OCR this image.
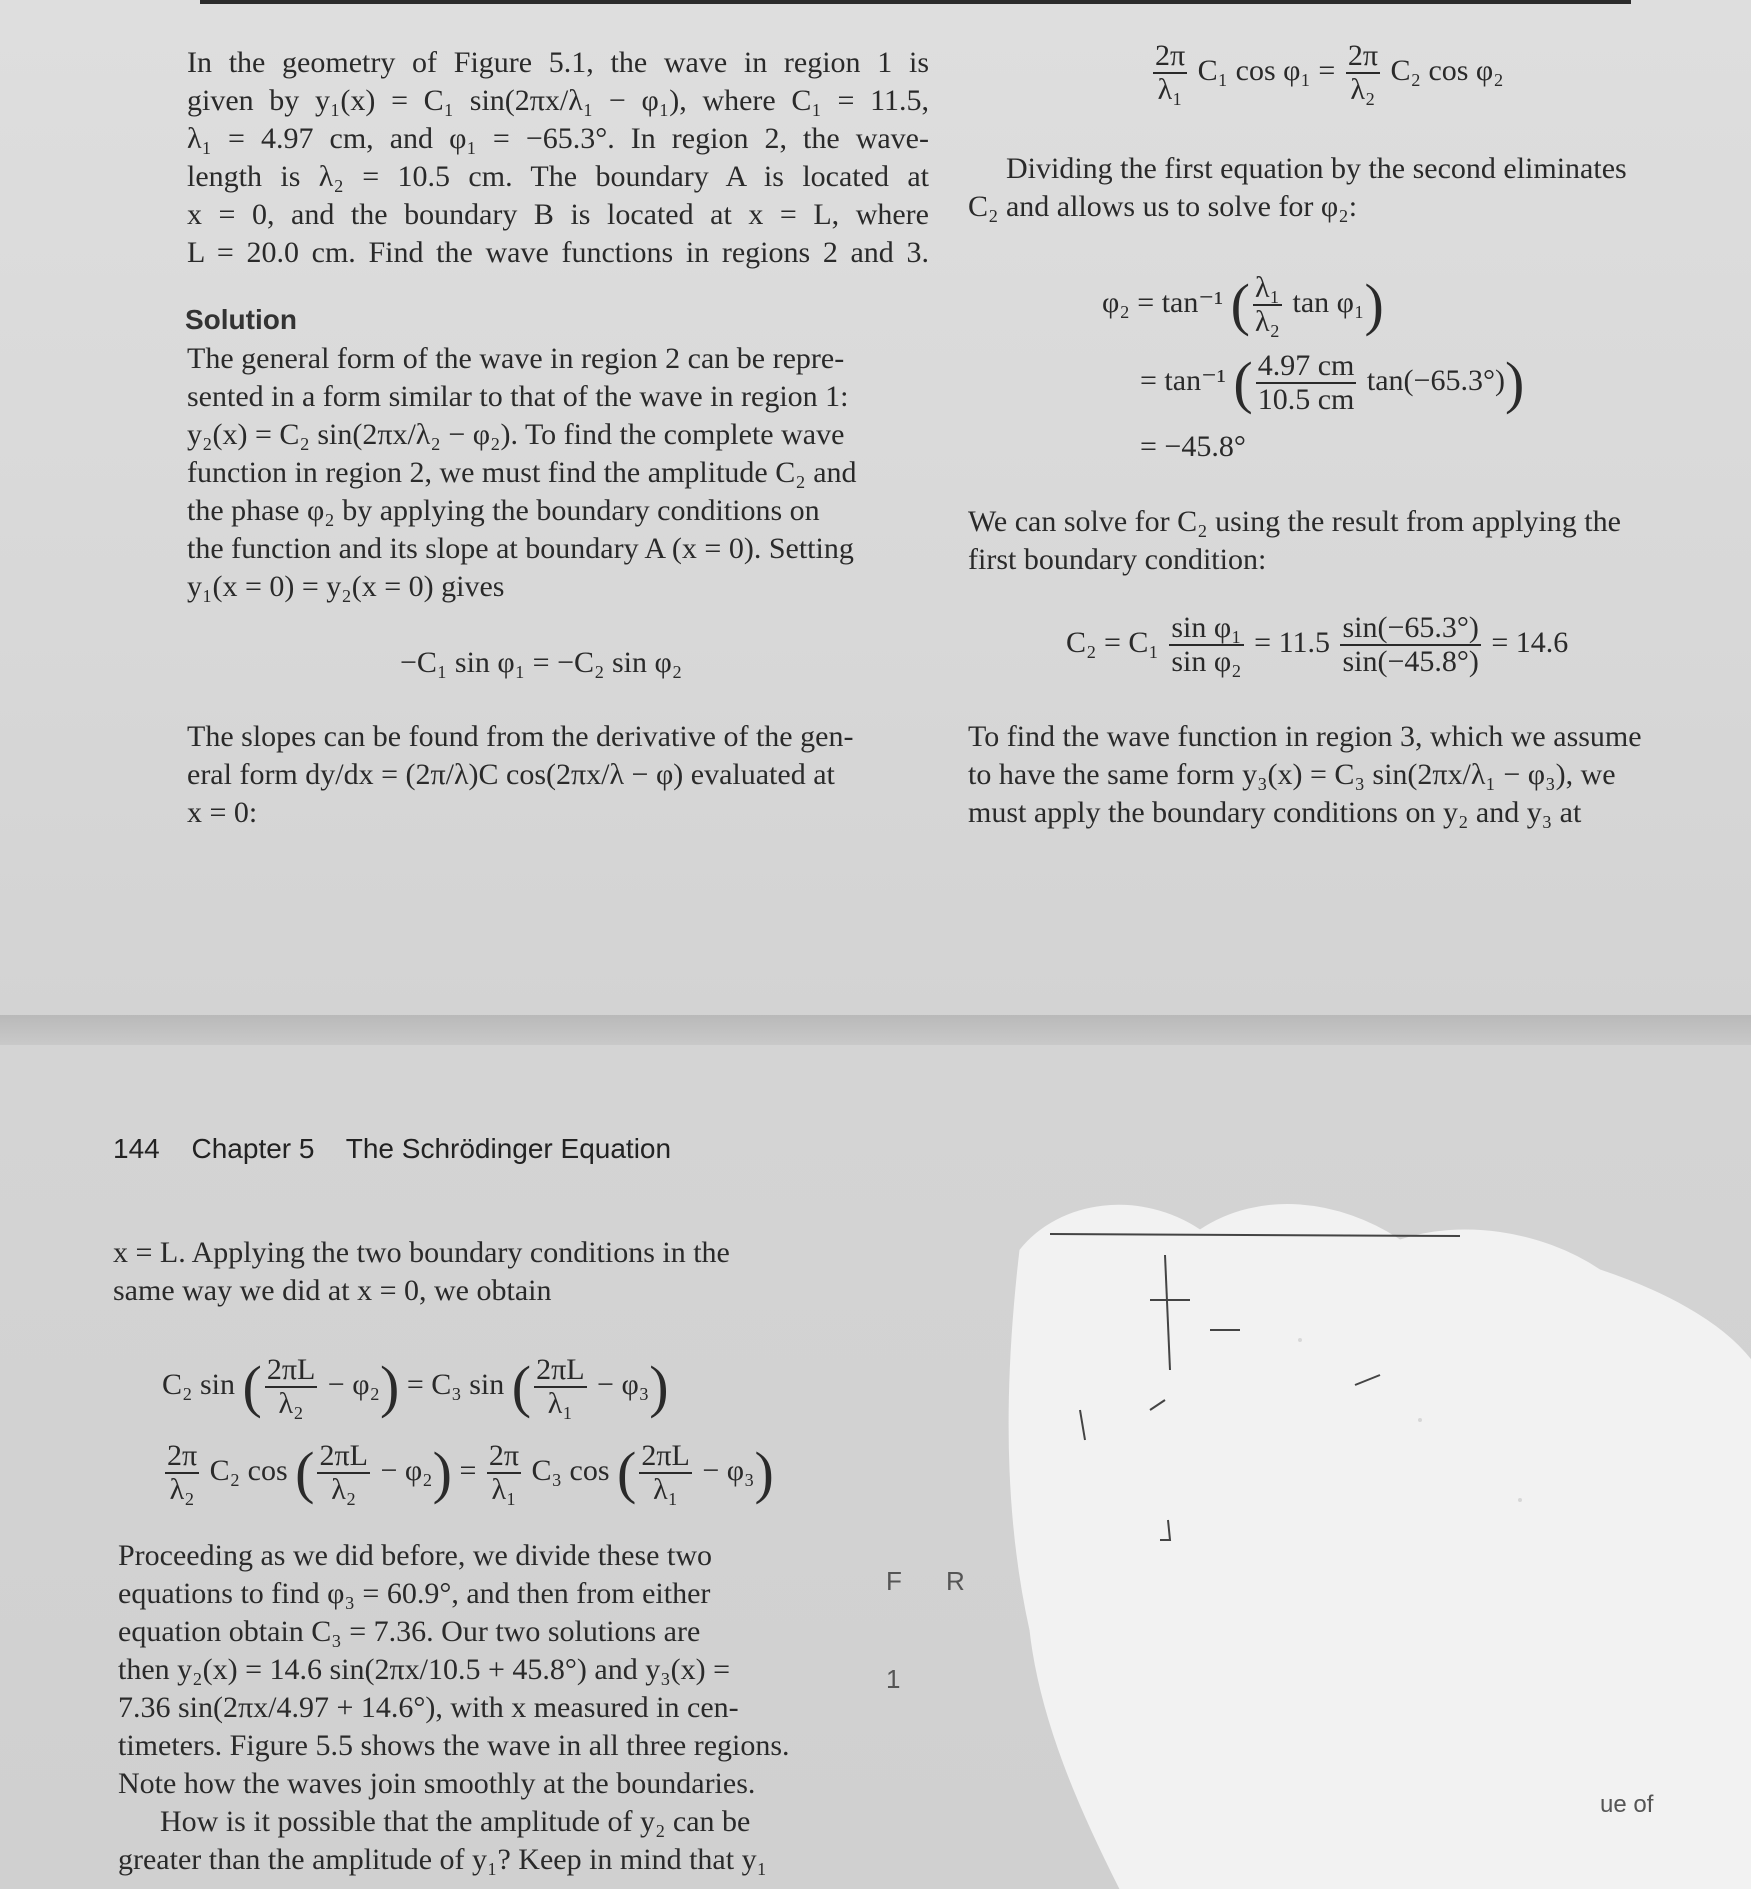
In the geometry of Figure 5.1, the wave in region 1 is
given by y₁(x) = C₁ sin(2πx/λ₁ − φ₁), where C₁ = 11.5,
λ₁ = 4.97 cm, and φ₁ = −65.3°. In region 2, the wave-
length is λ₂ = 10.5 cm. The boundary A is located at
x = 0, and the boundary B is located at x = L, where
L = 20.0 cm. Find the wave functions in regions 2 and 3.
Solution
The general form of the wave in region 2 can be repre-
sented in a form similar to that of the wave in region 1:
y₂(x) = C₂ sin(2πx/λ₂ − φ₂). To find the complete wave
function in region 2, we must find the amplitude C₂ and
the phase φ₂ by applying the boundary conditions on
the function and its slope at boundary A (x = 0). Setting
y₁(x = 0) = y₂(x = 0) gives
−C₁ sin φ₁ = −C₂ sin φ₂
The slopes can be found from the derivative of the gen-
eral form dy/dx = (2π/λ)C cos(2πx/λ − φ) evaluated at
x = 0:
$\frac{2\pi}{\text{λ₁}} C_1$ $\cos \varphi_1 = \frac{2\pi}{\text{λ₂}} C_2$ cos φ₂
Dividing the first equation by the second eliminates
C₂ and allows us to solve for φ₂:
φ₂ = tan⁻¹ ( $\frac{\text{λ₁}}{\text{λ₂}}$ tan φ₁)
= tan⁻¹ ( $\frac{4.97 cm}{10.5 cm} \tan(-65.3^\circ)$)
= −45.8°
We can solve for C₂ using the result from applying the
first boundary condition:
$C_2 = C_1 \frac{\text{sin φ₁}}{\text{sin φ₂}} = 11.5 \frac{\sin(-65.3^\circ)}{\sin(-45.8^\circ)} = 14.6$
To find the wave function in region 3, which we assume
to have the same form y₃(x) = C₃ sin(2πx/λ₁ − φ₃), we
must apply the boundary conditions on y₂ and y₃ at
144 Chapter 5 The Schrödinger Equation
x = L. Applying the two boundary conditions in the
same way we did at x = 0, we obtain
C₂ sin ( $\frac{2\pi L}{\text{λ₂}} - \varphi_2) = C_3$ sin ( $\frac{2\pi L}{\text{λ₁}} - \varphi_3$)
$\frac{2\pi}{\text{λ₂}} C_2$ cos ( $\frac{2\pi L}{\text{λ₂}} - \varphi_2) = \frac{2\pi}{\text{λ₁}} C_3$ cos ( $\frac{2\pi L}{\text{λ₁}} - \varphi_3$)
Proceeding as we did before, we divide these two
equations to find φ₃ = 60.9°, and then from either
equation obtain C₃ = 7.36. Our two solutions are
then y₂(x) = 14.6 sin(2πx/10.5 + 45.8°) and y₃(x) =
7.36 sin(2πx/4.97 + 14.6°), with x measured in cen-
timeters. Figure 5.5 shows the wave in all three regions.
Note how the waves join smoothly at the boundaries.
How is it possible that the amplitude of y₂ can be
greater than the amplitude of y₁? Keep in mind that y₁
F R
1
ue of
